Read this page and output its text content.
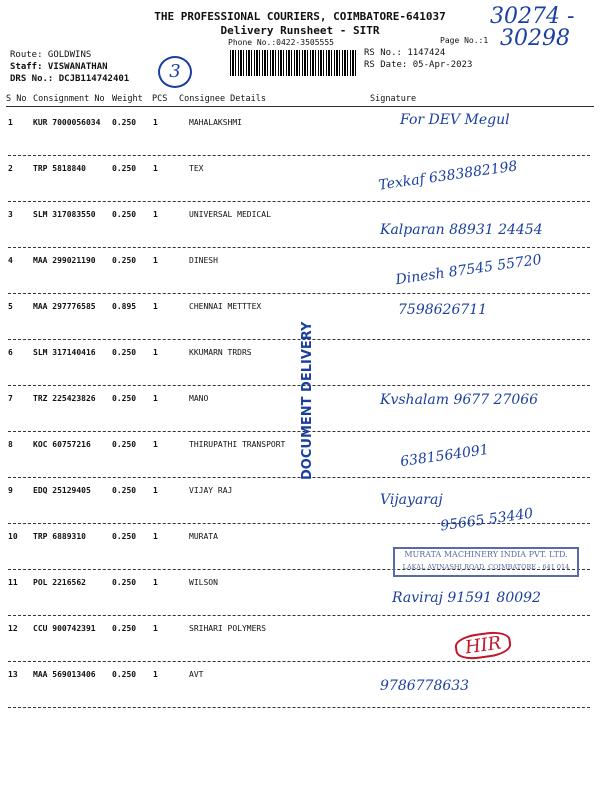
THE PROFESSIONAL COURIERS, COIMBATORE-641037
Delivery Runsheet - SITR
Phone No.:0422-3505555	Page No.:1
30274 -
30298
Route: GOLDWINS
Staff: VISWANATHAN
DRS No.: DCJB114742401	3
RS No.: 1147424
RS Date: 05-Apr-2023
S No Consignment No Weight PCS Consignee Details	Signature
1	KUR 7000056034 0.250 1	MAHALAKSHMI	For DEV Megul
2	TRP 5818840	0.250 1	TEX	Texkaf 6383882198
3	SLM 317083550 0.250 1	UNIVERSAL MEDICAL
Kalparan 88931 24454
4	MAA 299021190 0.250 1	DINESH	Dinesh 87545 55720
5	MAA 297776585 0.895 1	CHENNAI METTTEX	7598626711
6	SLM 317140416 0.250 1	KKUMARN TRDRS
7	TRZ 225423826 0.250 1	MANO	Kvshalam 9677 27066
8	KOC 60757216	0.250 1	THIRUPATHI TRANSPORT	6381564091
9	EDQ 25129405	0.250 1	VIJAY RAJ
Vijayaraj
10 TRP 6889310	0.250 1	MURATA
95665 53440
11 POL 2216562	0.250 1	WILSON
Raviraj 91591 80092
12 CCU 900742391 0.250 1	SRIHARI POLYMERS
13 MAA 569013406 0.250 1	AVT
9786778633
DOCUMENT DELIVERY
MURATA MACHINERY INDIA PVT. LTD.
LAKAL AVINASHI ROAD, COIMBATORE - 641 014
HIR
